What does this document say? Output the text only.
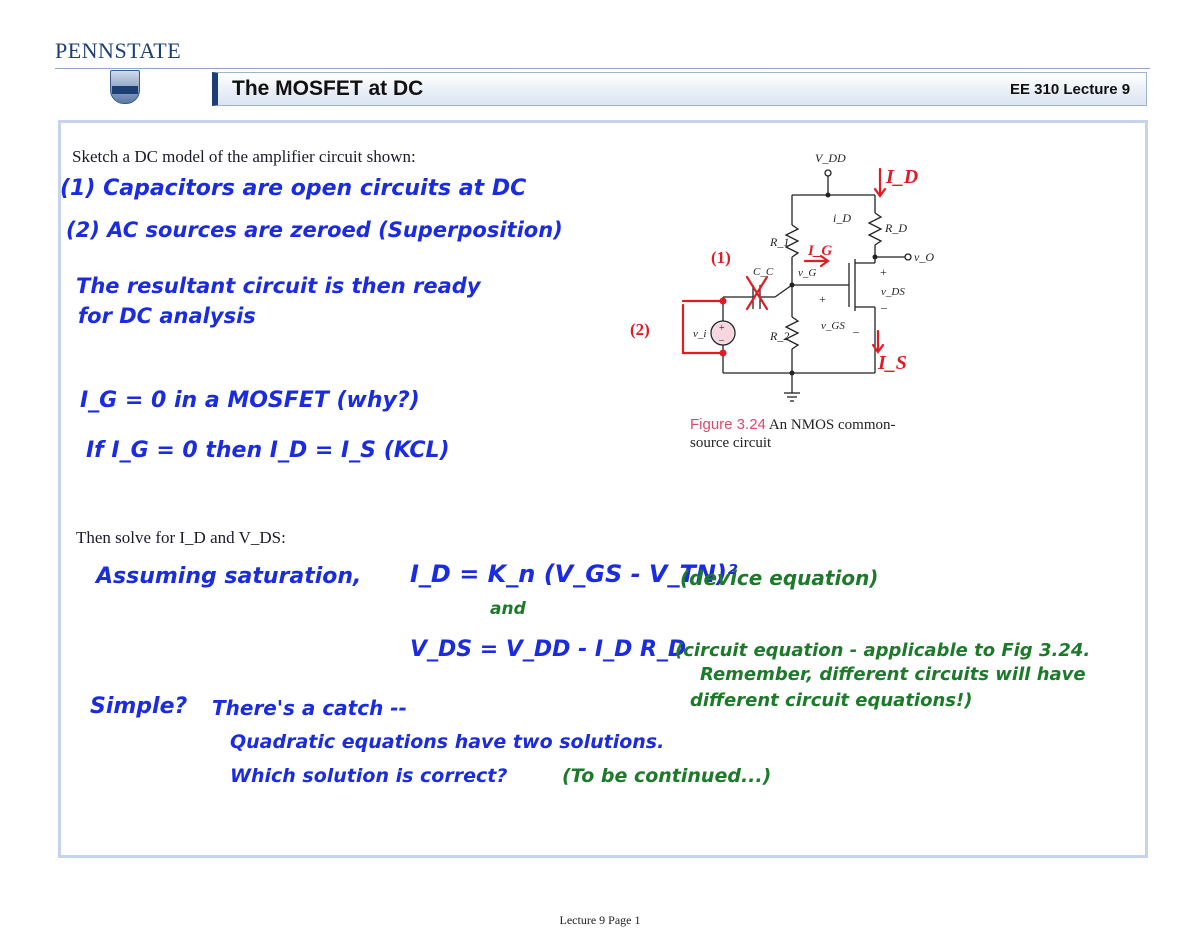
PENNSTATE
The MOSFET at DC	EE 310 Lecture 9
Sketch a DC model of the amplifier circuit shown:
(1) Capacitors are open circuits at DC
(2) AC sources are zeroed (Superposition)
The resultant circuit is then ready
for DC analysis
I_G = 0 in a MOSFET (why?)
If I_G = 0 then I_D = I_S (KCL)
V_DD
R_1
R_2
R_D
i_D
v_O
v_DS
+
–
v_G
+
v_GS –
C_C
v_i +
–
I_D
I_G
I_S
(1)
(2)
Figure 3.24 An NMOS common-
source circuit
Then solve for I_D and V_DS:
Assuming saturation, I_D = K_n (V_GS - V_TN)²
(device equation)
and
V_DS = V_DD - I_D R_D
(circuit equation - applicable to Fig 3.24.
Remember, different circuits will have
different circuit equations!)
Simple? There's a catch --
Quadratic equations have two solutions.
Which solution is correct?	(To be continued...)
Lecture 9 Page 1
